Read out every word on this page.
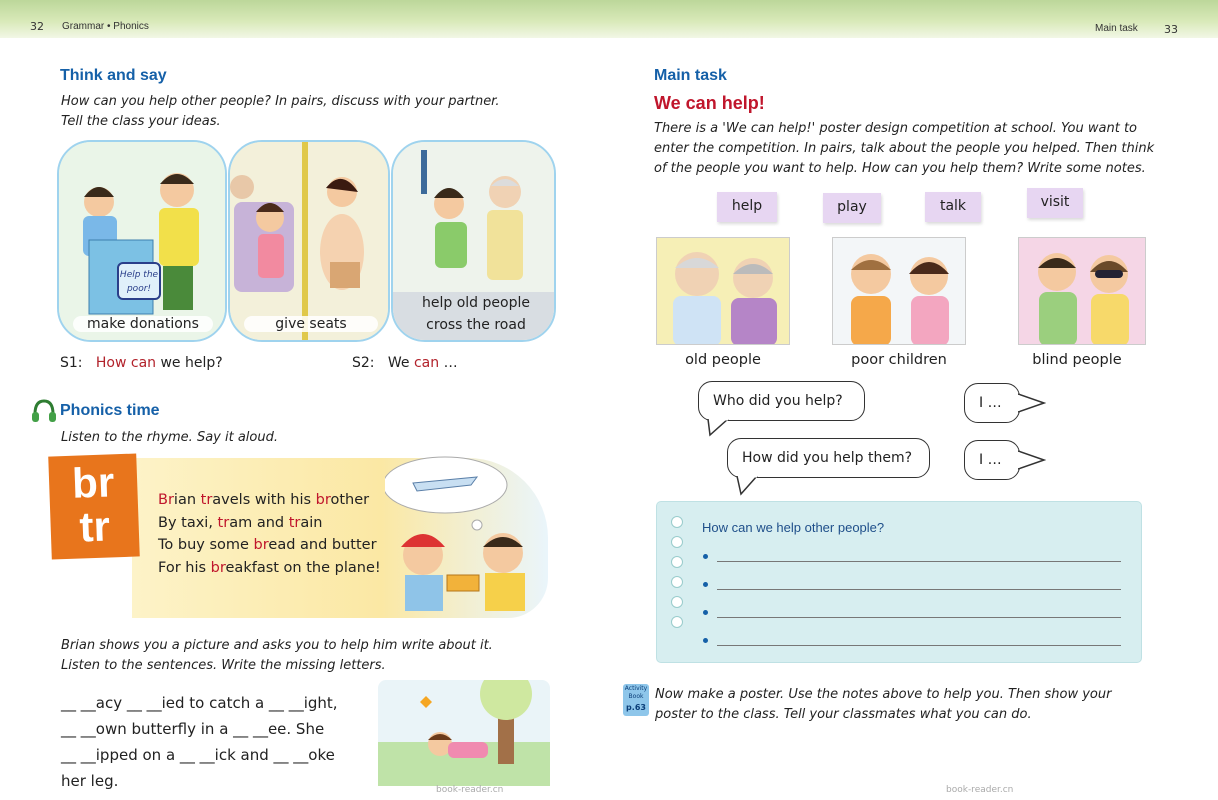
32 Grammar • Phonics	Main task 33
Think and say
How can you help other people? In pairs, discuss with your partner.
Tell the class your ideas.
Help the poor!
make donations	give seats
help old people
cross the road
S1: How can we help?	S2: We can …
Phonics time
Listen to the rhyme. Say it aloud.
br
tr
Brian travels with his brother
By taxi, tram and train
To buy some bread and butter
For his breakfast on the plane!
Brian shows you a picture and asks you to help him write about it.
Listen to the sentences. Write the missing letters.
__ __acy __ __ied to catch a __ __ight,
__ __own butterfly in a __ __ee. She
__ __ipped on a __ __ick and __ __oke
her leg.
Main task
We can help!
There is a 'We can help!' poster design competition at school. You want to
enter the competition. In pairs, talk about the people you helped. Then think
of the people you want to help. How can you help them? Write some notes.
help	play	talk	visit
old people	poor children	blind people
Who did you help?	I …
How did you help them?	I …
How can we help other people?
Activity Book
p.63
Now make a poster. Use the notes above to help you. Then show your
poster to the class. Tell your classmates what you can do.
book-reader.cn	book-reader.cn
